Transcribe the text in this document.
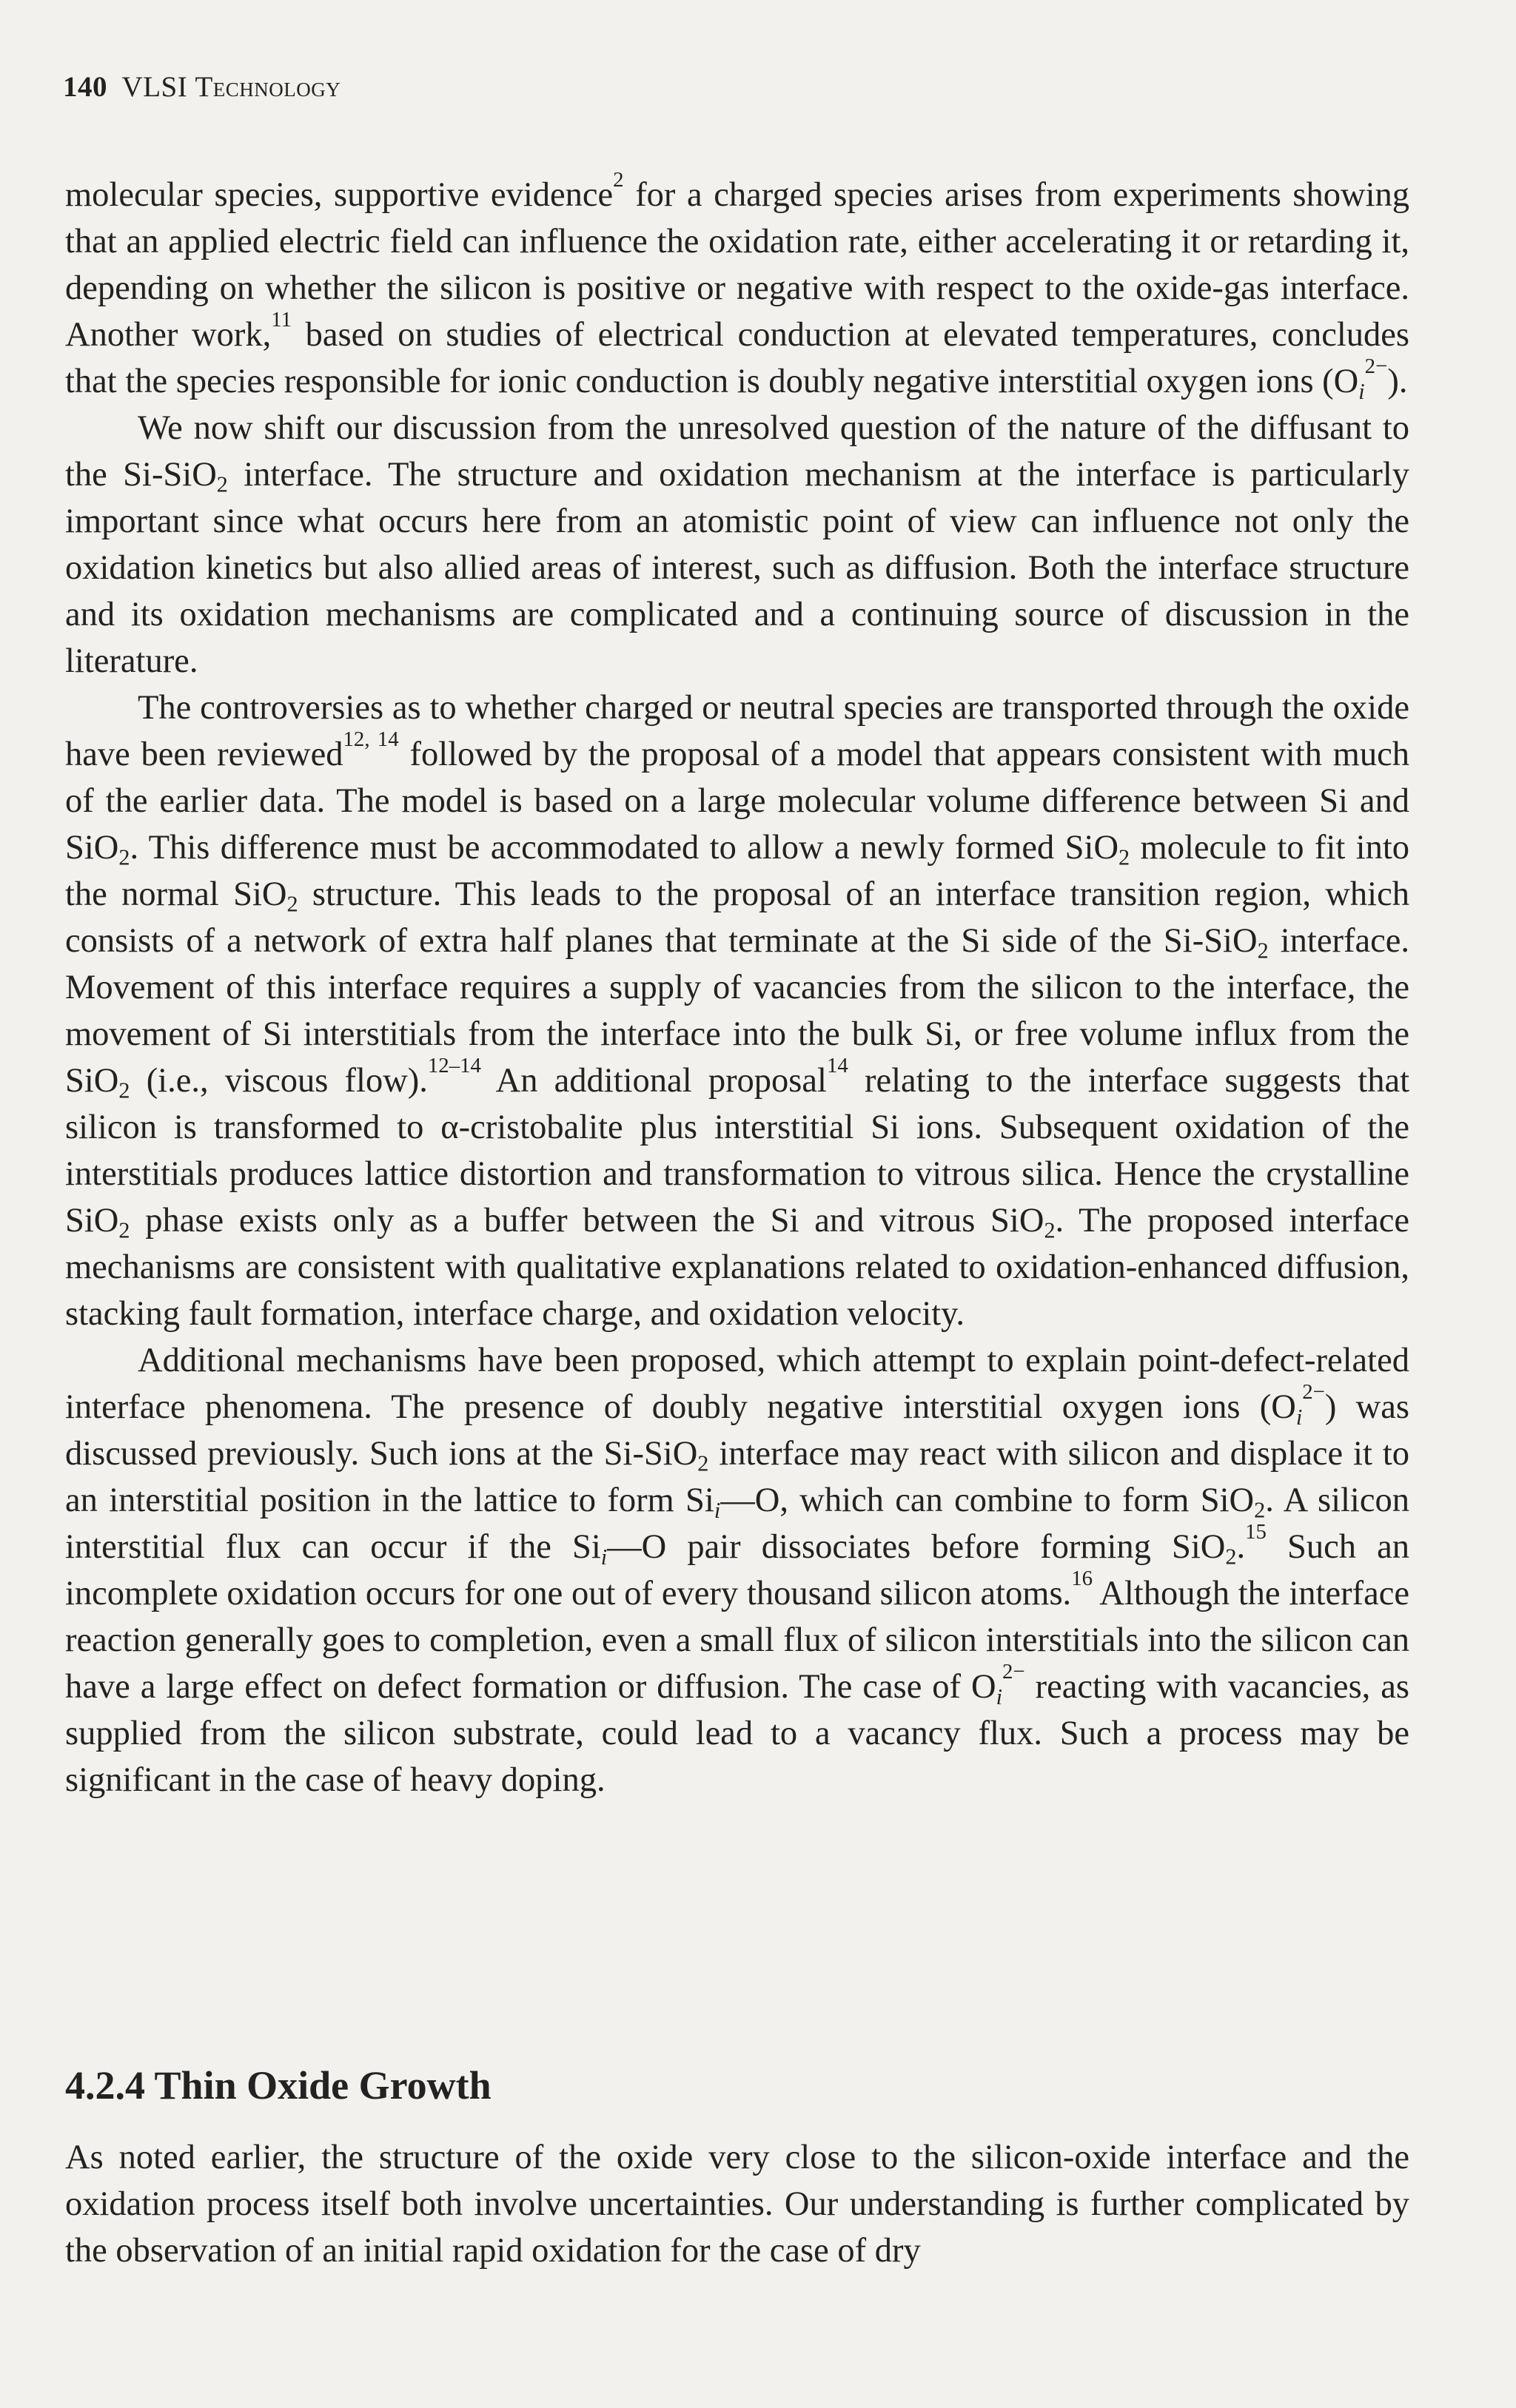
140 VLSI Technology

molecular species, supportive evidence$^2$ for a charged species arises from experiments showing that an applied electric field can influence the oxidation rate, either accelerating it or retarding it, depending on whether the silicon is positive or negative with respect to the oxide-gas interface. Another work,$^{11}$ based on studies of electrical conduction at elevated temperatures, concludes that the species responsible for ionic conduction is doubly negative interstitial oxygen ions $(Oi^{2-})$.

We now shift our discussion from the unresolved question of the nature of the diffusant to the Si-SiO$_2$ interface. The structure and oxidation mechanism at the interface is particularly important since what occurs here from an atomistic point of view can influence not only the oxidation kinetics but also allied areas of interest, such as diffusion. Both the interface structure and its oxidation mechanisms are complicated and a continuing source of discussion in the literature.

The controversies as to whether charged or neutral species are transported through the oxide have been reviewed$^{12, 14}$ followed by the proposal of a model that appears consistent with much of the earlier data. The model is based on a large molecular volume difference between Si and SiO$_2$. This difference must be accommodated to allow a newly formed SiO$_2$ molecule to fit into the normal SiO$_2$ structure. This leads to the proposal of an interface transition region, which consists of a network of extra half planes that terminate at the Si side of the Si-SiO$_2$ interface. Movement of this interface requires a supply of vacancies from the silicon to the interface, the movement of Si interstitials from the interface into the bulk Si, or free volume influx from the SiO$_2$ (i.e., viscous flow).$^{12-14}$ An additional proposal$^{14}$ relating to the interface suggests that silicon is transformed to α-cristobalite plus interstitial Si ions. Subsequent oxidation of the interstitials produces lattice distortion and transformation to vitrous silica. Hence the crystalline SiO$_2$ phase exists only as a buffer between the Si and vitrous SiO$_2$. The proposed interface mechanisms are consistent with qualitative explanations related to oxidation-enhanced diffusion, stacking fault formation, interface charge, and oxidation velocity.

Additional mechanisms have been proposed, which attempt to explain point-defect-related interface phenomena. The presence of doubly negative interstitial oxygen ions $(Oi^{2-})$ was discussed previously. Such ions at the Si-SiO$_2$ interface may react with silicon and displace it to an interstitial position in the lattice to form Sii—O, which can combine to form SiO$_2$. A silicon interstitial flux can occur if the Sii—O pair dissociates before forming SiO$_2$.$^{15}$ Such an incomplete oxidation occurs for one out of every thousand silicon atoms.$^{16}$ Although the interface reaction generally goes to completion, even a small flux of silicon interstitials into the silicon can have a large effect on defect formation or diffusion. The case of $Oi^{2-}$ reacting with vacancies, as supplied from the silicon substrate, could lead to a vacancy flux. Such a process may be significant in the case of heavy doping.

4.2.4 Thin Oxide Growth

As noted earlier, the structure of the oxide very close to the silicon-oxide interface and the oxidation process itself both involve uncertainties. Our understanding is further complicated by the observation of an initial rapid oxidation for the case of dry
